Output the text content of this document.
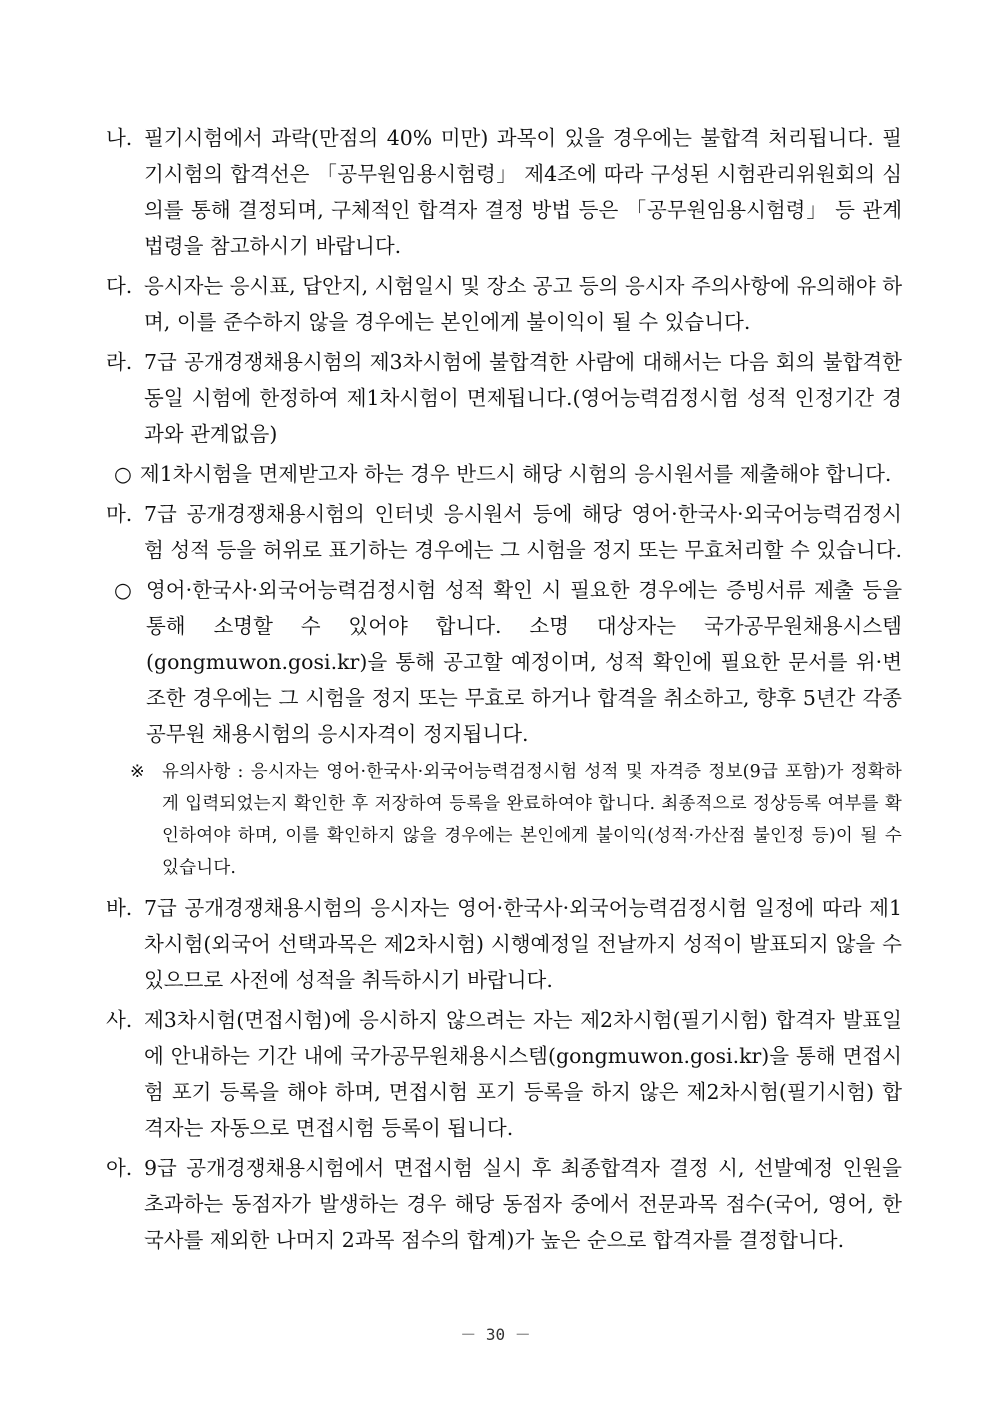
나. 필기시험에서 과락(만점의 40% 미만) 과목이 있을 경우에는 불합격 처리됩니다. 필기시험의 합격선은 「공무원임용시험령」 제4조에 따라 구성된 시험관리위원회의 심의를 통해 결정되며, 구체적인 합격자 결정 방법 등은 「공무원임용시험령」 등 관계법령을 참고하시기 바랍니다.
다. 응시자는 응시표, 답안지, 시험일시 및 장소 공고 등의 응시자 주의사항에 유의해야 하며, 이를 준수하지 않을 경우에는 본인에게 불이익이 될 수 있습니다.
라. 7급 공개경쟁채용시험의 제3차시험에 불합격한 사람에 대해서는 다음 회의 불합격한 동일 시험에 한정하여 제1차시험이 면제됩니다.(영어능력검정시험 성적 인정기간 경과와 관계없음)
○ 제1차시험을 면제받고자 하는 경우 반드시 해당 시험의 응시원서를 제출해야 합니다.
마. 7급 공개경쟁채용시험의 인터넷 응시원서 등에 해당 영어·한국사·외국어능력검정시험 성적 등을 허위로 표기하는 경우에는 그 시험을 정지 또는 무효처리할 수 있습니다.
○ 영어·한국사·외국어능력검정시험 성적 확인 시 필요한 경우에는 증빙서류 제출 등을 통해 소명할 수 있어야 합니다. 소명 대상자는 국가공무원채용시스템(gongmuwon.gosi.kr)을 통해 공고할 예정이며, 성적 확인에 필요한 문서를 위·변조한 경우에는 그 시험을 정지 또는 무효로 하거나 합격을 취소하고, 향후 5년간 각종 공무원 채용시험의 응시자격이 정지됩니다.
※ 유의사항 : 응시자는 영어·한국사·외국어능력검정시험 성적 및 자격증 정보(9급 포함)가 정확하게 입력되었는지 확인한 후 저장하여 등록을 완료하여야 합니다. 최종적으로 정상등록 여부를 확인하여야 하며, 이를 확인하지 않을 경우에는 본인에게 불이익(성적·가산점 불인정 등)이 될 수 있습니다.
바. 7급 공개경쟁채용시험의 응시자는 영어·한국사·외국어능력검정시험 일정에 따라 제1차시험(외국어 선택과목은 제2차시험) 시행예정일 전날까지 성적이 발표되지 않을 수 있으므로 사전에 성적을 취득하시기 바랍니다.
사. 제3차시험(면접시험)에 응시하지 않으려는 자는 제2차시험(필기시험) 합격자 발표일에 안내하는 기간 내에 국가공무원채용시스템(gongmuwon.gosi.kr)을 통해 면접시험 포기 등록을 해야 하며, 면접시험 포기 등록을 하지 않은 제2차시험(필기시험) 합격자는 자동으로 면접시험 등록이 됩니다.
아. 9급 공개경쟁채용시험에서 면접시험 실시 후 최종합격자 결정 시, 선발예정 인원을 초과하는 동점자가 발생하는 경우 해당 동점자 중에서 전문과목 점수(국어, 영어, 한국사를 제외한 나머지 2과목 점수의 합계)가 높은 순으로 합격자를 결정합니다.
－ 30 －
